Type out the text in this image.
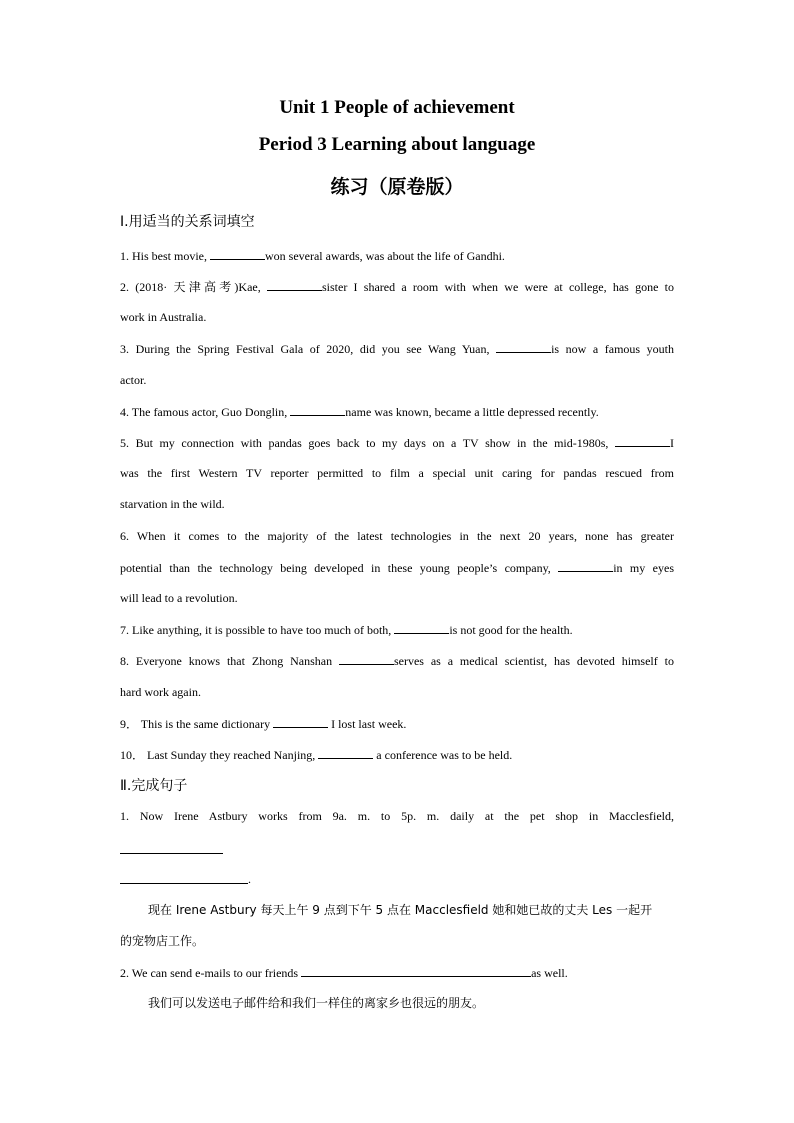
Unit 1 People of achievement
Period 3 Learning about language
练习（原卷版）
Ⅰ.用适当的关系词填空
1. His best movie,	won several awards, was about the life of Gandhi.
2. (2018· 天津高考)Kae,	sister I shared a room with when we were at college, has gone to
work in Australia.
3. During the Spring Festival Gala of 2020, did you see Wang Yuan,	is now a famous youth
actor.
4. The famous actor, Guo Donglin,	name was known, became a little depressed recently.
5. But my connection with pandas goes back to my days on a TV show in the mid-1980s,	I
was the first Western TV reporter permitted to film a special unit caring for pandas rescued from
starvation in the wild.
6. When it comes to the majority of the latest technologies in the next 20 years, none has greater
potential than the technology being developed in these young people’s company,	in my eyes
will lead to a revolution.
7. Like anything, it is possible to have too much of both,	is not good for the health.
8. Everyone knows that Zhong Nanshan	serves as a medical scientist, has devoted himself to
hard work again.
9． This is the same dictionary	I lost last week.
10． Last Sunday they reached Nanjing,	a conference was to be held.
Ⅱ.完成句子
1. Now Irene Astbury works from 9a. m. to 5p. m. daily at the pet shop in Macclesfield,
.
现在 Irene Astbury 每天上午 9 点到下午 5 点在 Macclesfield 她和她已故的丈夫 Les 一起开
的宠物店工作。
2. We can send e-mails to our friends	as well.
我们可以发送电子邮件给和我们一样住的离家乡也很远的朋友。
